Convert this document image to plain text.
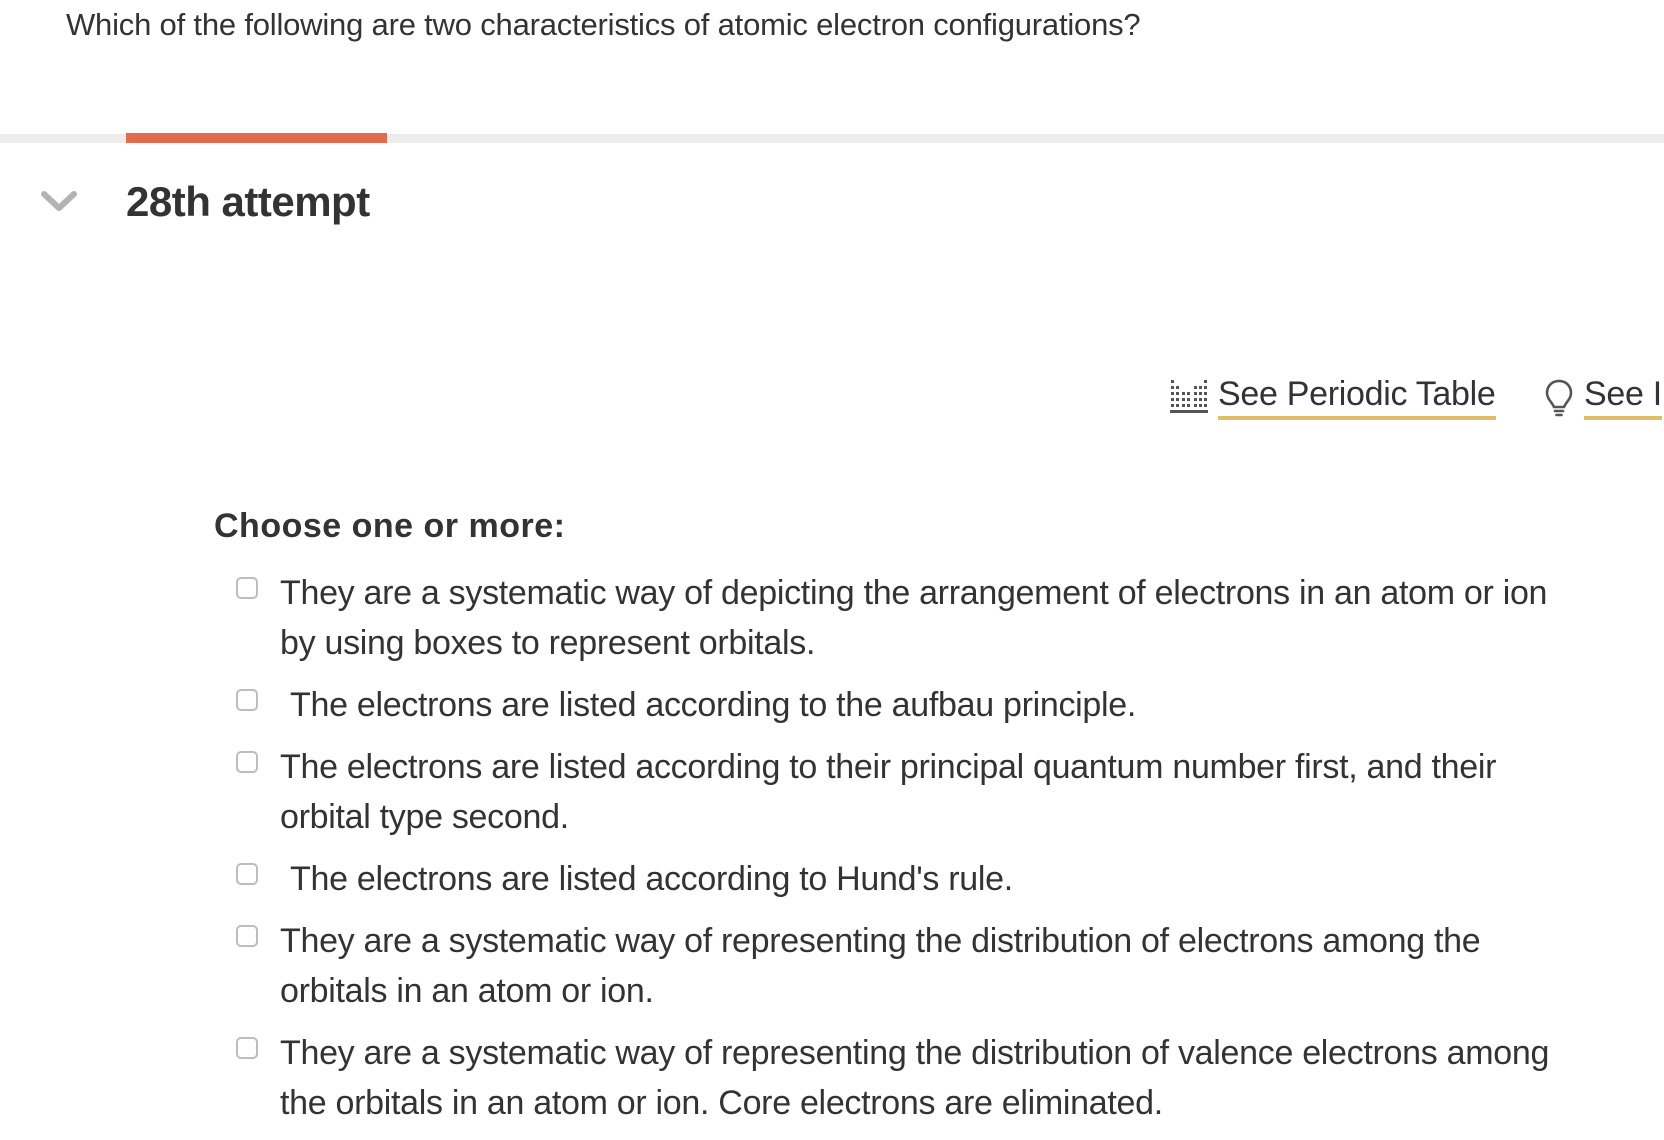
Which of the following are two characteristics of atomic electron configurations?
28th attempt
See Periodic Table	See I
Choose one or more:
They are a systematic way of depicting the arrangement of electrons in an atom or ion by using boxes to represent orbitals.
The electrons are listed according to the aufbau principle.
The electrons are listed according to their principal quantum number first, and their orbital type second.
The electrons are listed according to Hund's rule.
They are a systematic way of representing the distribution of electrons among the orbitals in an atom or ion.
They are a systematic way of representing the distribution of valence electrons among the orbitals in an atom or ion. Core electrons are eliminated.
